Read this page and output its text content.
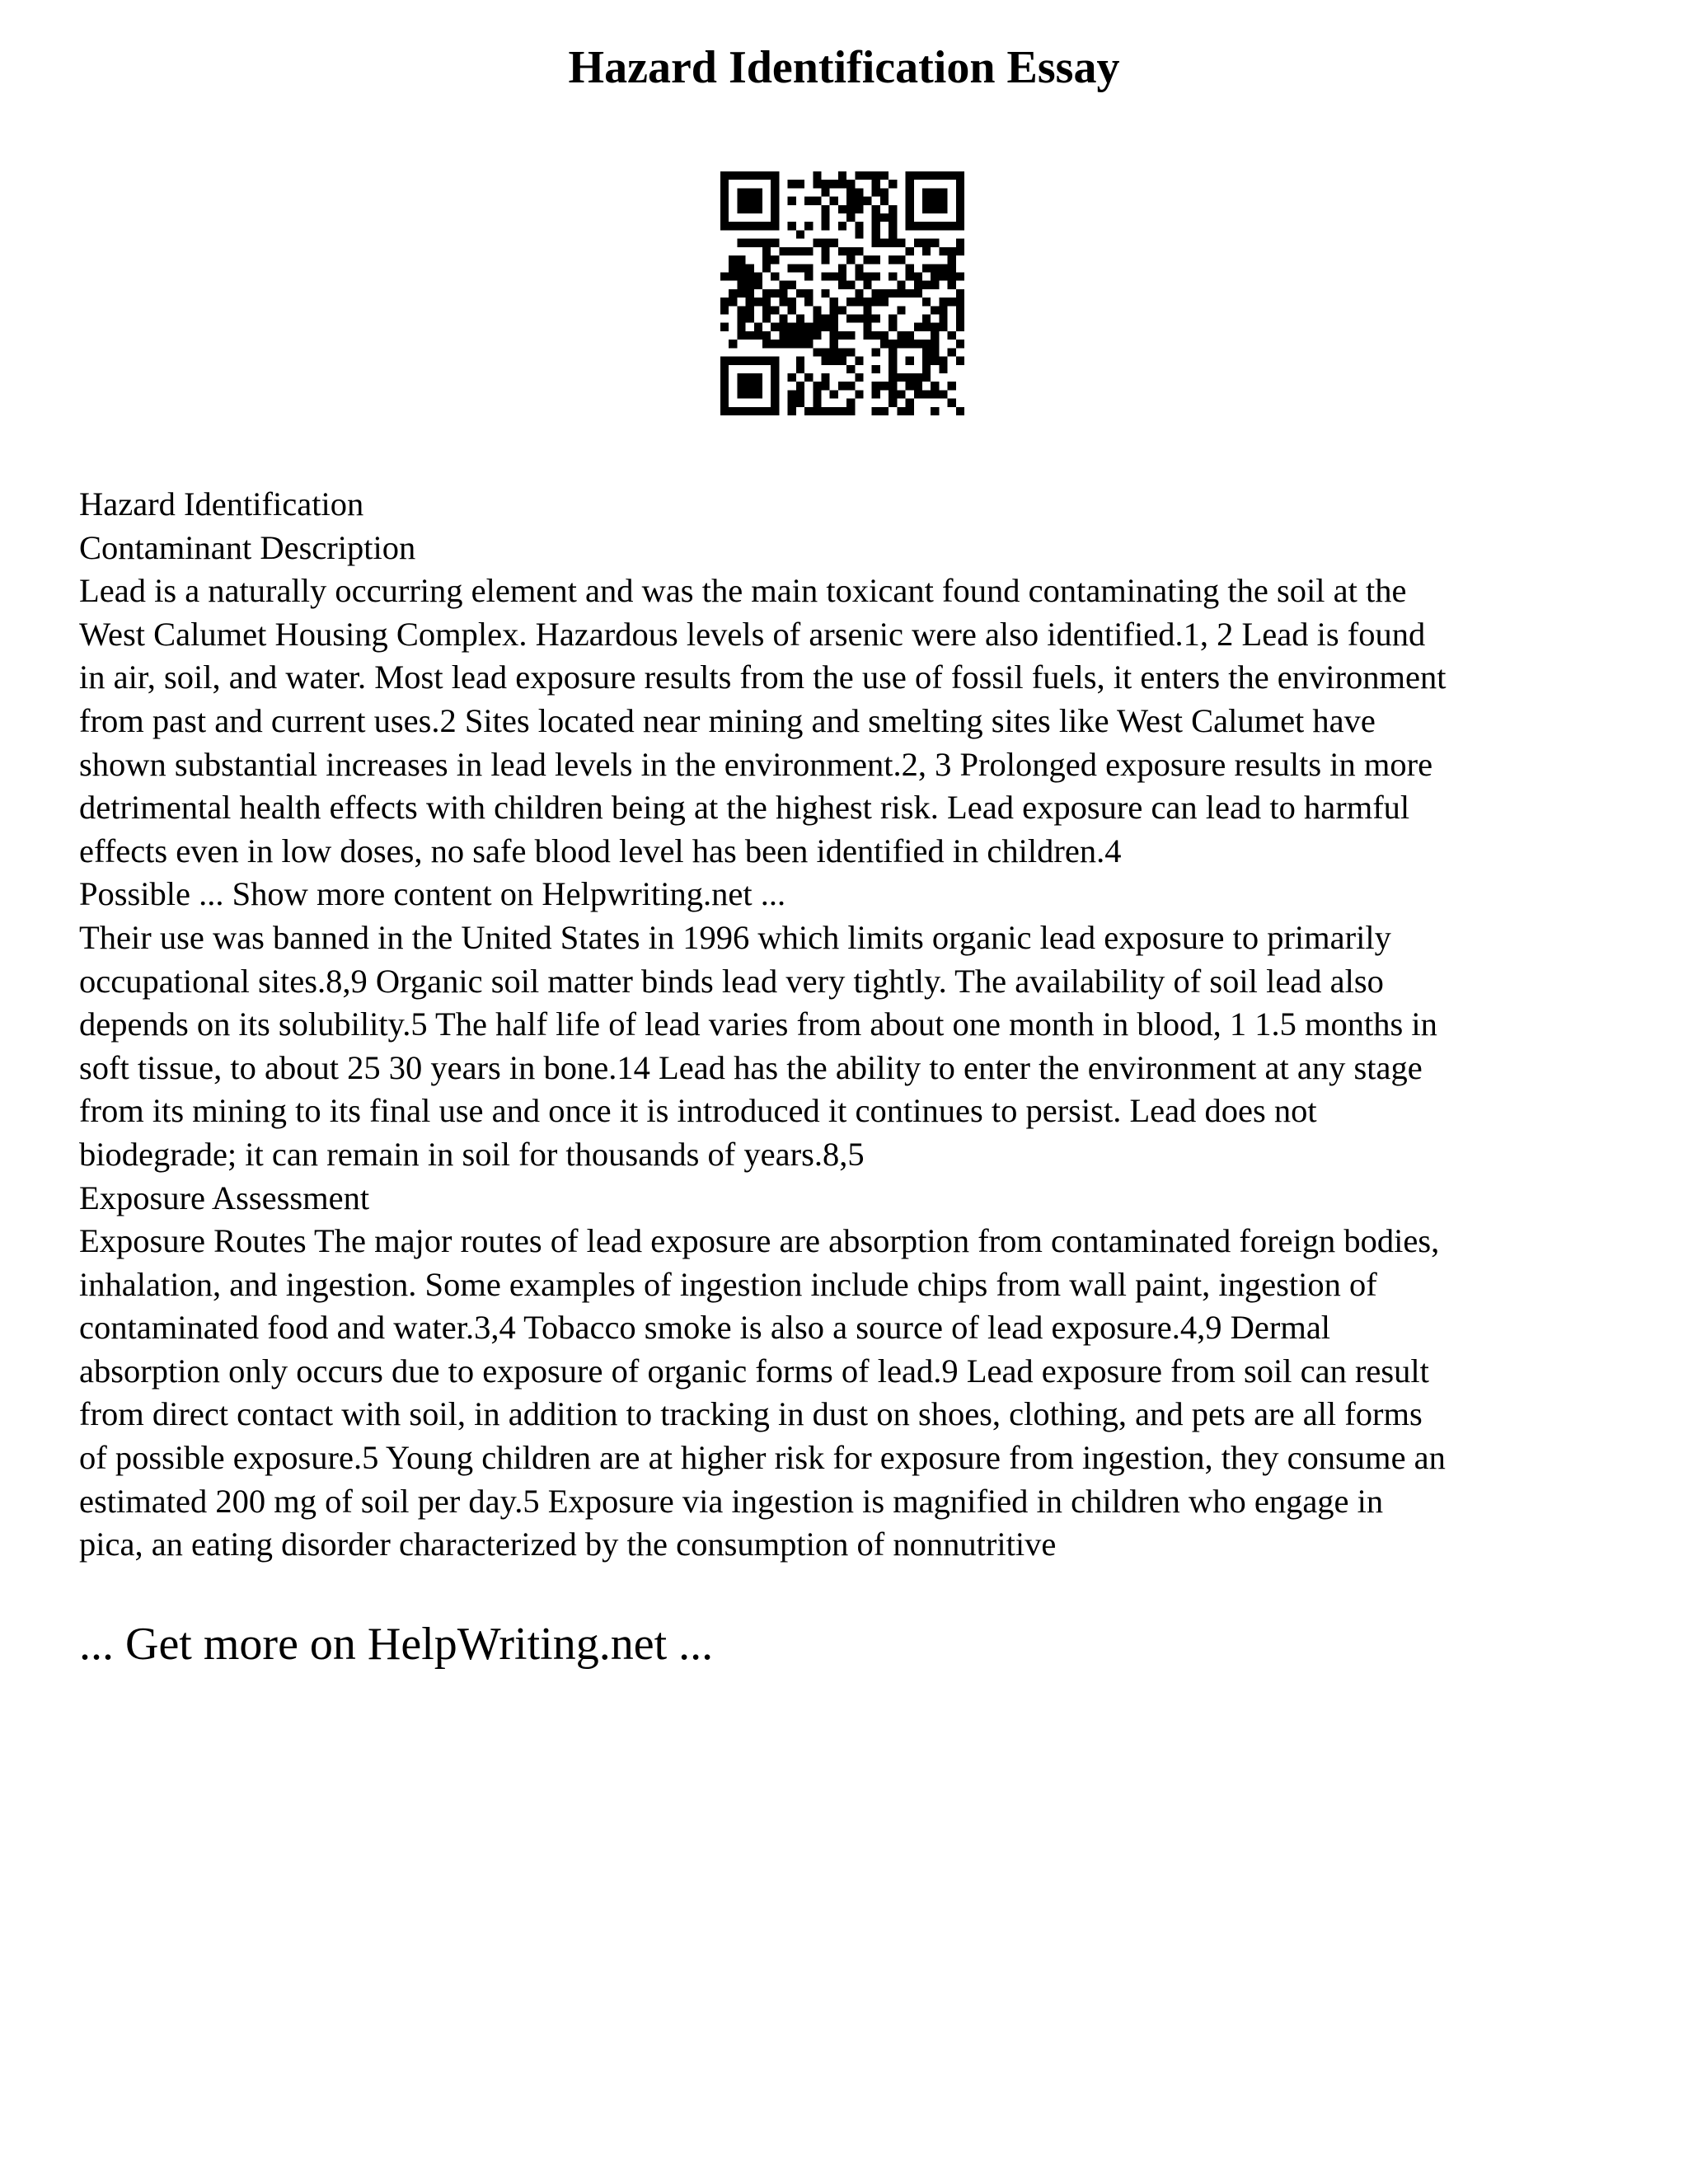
Hazard Identification Essay
Hazard Identification
Contaminant Description
Lead is a naturally occurring element and was the main toxicant found contaminating the soil at the
West Calumet Housing Complex. Hazardous levels of arsenic were also identified.1, 2 Lead is found
in air, soil, and water. Most lead exposure results from the use of fossil fuels, it enters the environment
from past and current uses.2 Sites located near mining and smelting sites like West Calumet have
shown substantial increases in lead levels in the environment.2, 3 Prolonged exposure results in more
detrimental health effects with children being at the highest risk. Lead exposure can lead to harmful
effects even in low doses, no safe blood level has been identified in children.4
Possible ... Show more content on Helpwriting.net ...
Their use was banned in the United States in 1996 which limits organic lead exposure to primarily
occupational sites.8,9 Organic soil matter binds lead very tightly. The availability of soil lead also
depends on its solubility.5 The half life of lead varies from about one month in blood, 1 1.5 months in
soft tissue, to about 25 30 years in bone.14 Lead has the ability to enter the environment at any stage
from its mining to its final use and once it is introduced it continues to persist. Lead does not
biodegrade; it can remain in soil for thousands of years.8,5
Exposure Assessment
Exposure Routes The major routes of lead exposure are absorption from contaminated foreign bodies,
inhalation, and ingestion. Some examples of ingestion include chips from wall paint, ingestion of
contaminated food and water.3,4 Tobacco smoke is also a source of lead exposure.4,9 Dermal
absorption only occurs due to exposure of organic forms of lead.9 Lead exposure from soil can result
from direct contact with soil, in addition to tracking in dust on shoes, clothing, and pets are all forms
of possible exposure.5 Young children are at higher risk for exposure from ingestion, they consume an
estimated 200 mg of soil per day.5 Exposure via ingestion is magnified in children who engage in
pica, an eating disorder characterized by the consumption of nonnutritive
... Get more on HelpWriting.net ...
